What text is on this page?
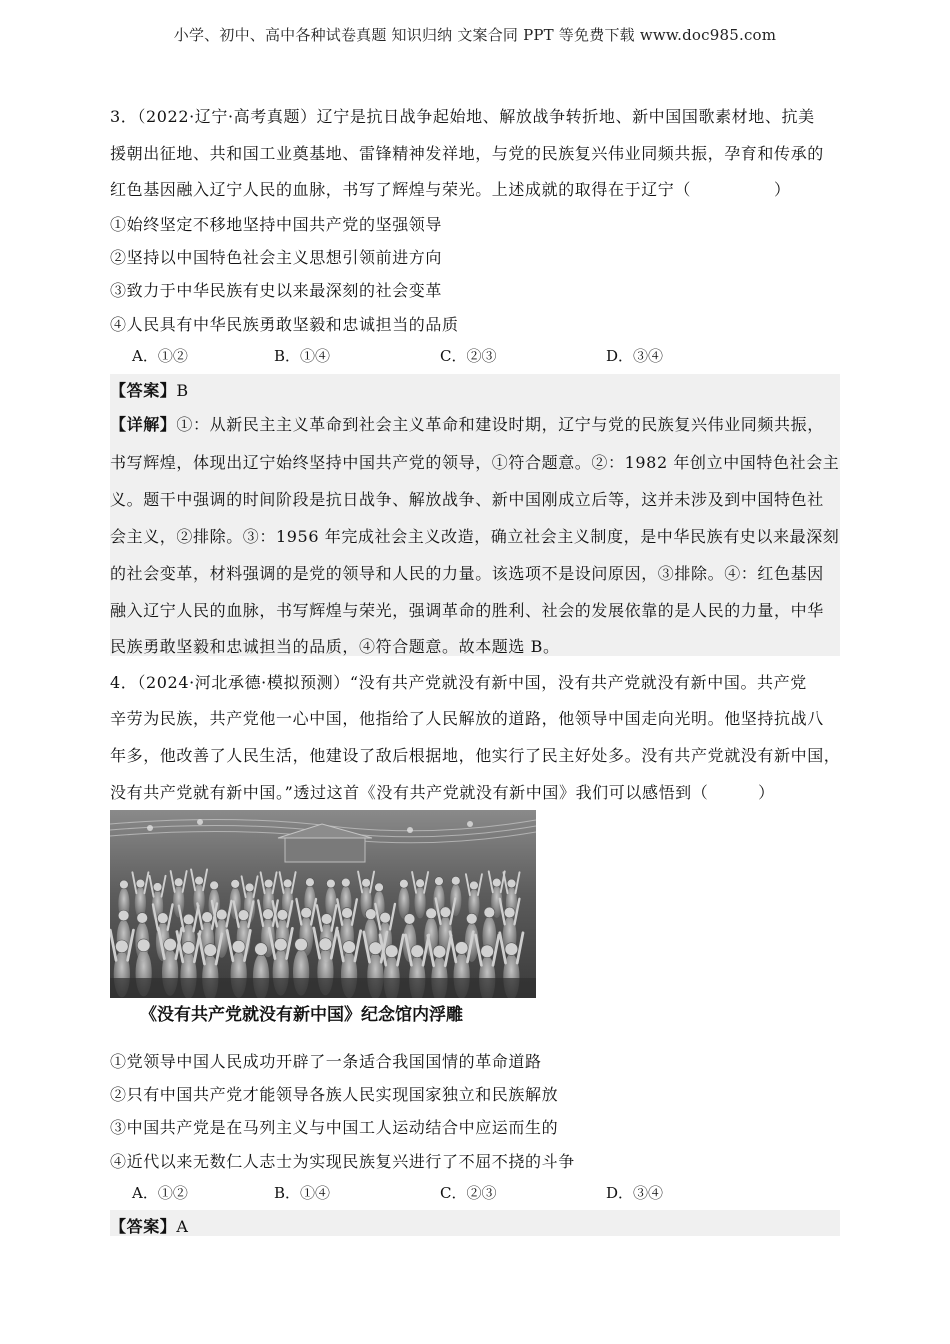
小学、初中、高中各种试卷真题 知识归纳 文案合同 PPT 等免费下载 www.doc985.com
3．（2022·辽宁·高考真题）辽宁是抗日战争起始地、解放战争转折地、新中国国歌素材地、抗美
援朝出征地、共和国工业奠基地、雷锋精神发祥地，与党的民族复兴伟业同频共振，孕育和传承的
红色基因融入辽宁人民的血脉，书写了辉煌与荣光。上述成就的取得在于辽宁（　　　　　）
①始终坚定不移地坚持中国共产党的坚强领导
②坚持以中国特色社会主义思想引领前进方向
③致力于中华民族有史以来最深刻的社会变革
④人民具有中华民族勇敢坚毅和忠诚担当的品质
A．①②	B．①④	C．②③	D．③④
【答案】B
【详解】①：从新民主主义革命到社会主义革命和建设时期，辽宁与党的民族复兴伟业同频共振，
书写辉煌，体现出辽宁始终坚持中国共产党的领导，①符合题意。②：1982 年创立中国特色社会主
义。题干中强调的时间阶段是抗日战争、解放战争、新中国刚成立后等，这并未涉及到中国特色社
会主义，②排除。③：1956 年完成社会主义改造，确立社会主义制度，是中华民族有史以来最深刻
的社会变革，材料强调的是党的领导和人民的力量。该选项不是设问原因，③排除。④：红色基因
融入辽宁人民的血脉，书写辉煌与荣光，强调革命的胜利、社会的发展依靠的是人民的力量，中华
民族勇敢坚毅和忠诚担当的品质，④符合题意。故本题选 B。
4．（2024·河北承德·模拟预测）“没有共产党就没有新中国，没有共产党就没有新中国。共产党
辛劳为民族，共产党他一心中国，他指给了人民解放的道路，他领导中国走向光明。他坚持抗战八
年多，他改善了人民生活，他建设了敌后根据地，他实行了民主好处多。没有共产党就没有新中国，
没有共产党就有新中国。”透过这首《没有共产党就没有新中国》我们可以感悟到（　　　）
《没有共产党就没有新中国》纪念馆内浮雕
①党领导中国人民成功开辟了一条适合我国国情的革命道路
②只有中国共产党才能领导各族人民实现国家独立和民族解放
③中国共产党是在马列主义与中国工人运动结合中应运而生的
④近代以来无数仁人志士为实现民族复兴进行了不屈不挠的斗争
A．①②	B．①④	C．②③	D．③④
【答案】A
